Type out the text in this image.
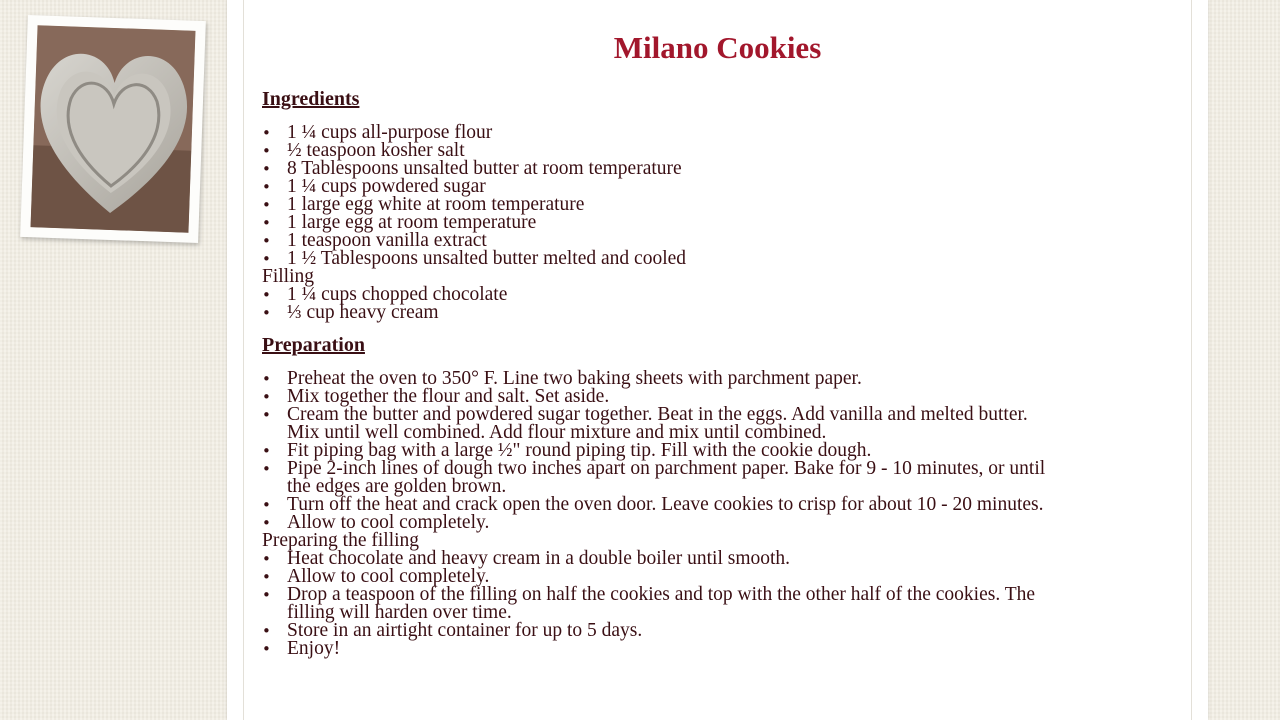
Milano Cookies
Ingredients
• 1 ¼ cups all-purpose flour
• ½ teaspoon kosher salt
• 8 Tablespoons unsalted butter at room temperature
• 1 ¼ cups powdered sugar
• 1 large egg white at room temperature
• 1 large egg at room temperature
• 1 teaspoon vanilla extract
• 1 ½ Tablespoons unsalted butter melted and cooled
Filling
• 1 ¼ cups chopped chocolate
• ⅓ cup heavy cream
Preparation
• Preheat the oven to 350° F. Line two baking sheets with parchment paper.
• Mix together the flour and salt. Set aside.
• Cream the butter and powdered sugar together. Beat in the eggs. Add vanilla and melted butter. Mix until well combined. Add flour mixture and mix until combined.
• Fit piping bag with a large ½" round piping tip. Fill with the cookie dough.
• Pipe 2-inch lines of dough two inches apart on parchment paper. Bake for 9 - 10 minutes, or until the edges are golden brown.
• Turn off the heat and crack open the oven door. Leave cookies to crisp for about 10 - 20 minutes.
• Allow to cool completely.
Preparing the filling
• Heat chocolate and heavy cream in a double boiler until smooth.
• Allow to cool completely.
• Drop a teaspoon of the filling on half the cookies and top with the other half of the cookies. The filling will harden over time.
• Store in an airtight container for up to 5 days.
• Enjoy!
